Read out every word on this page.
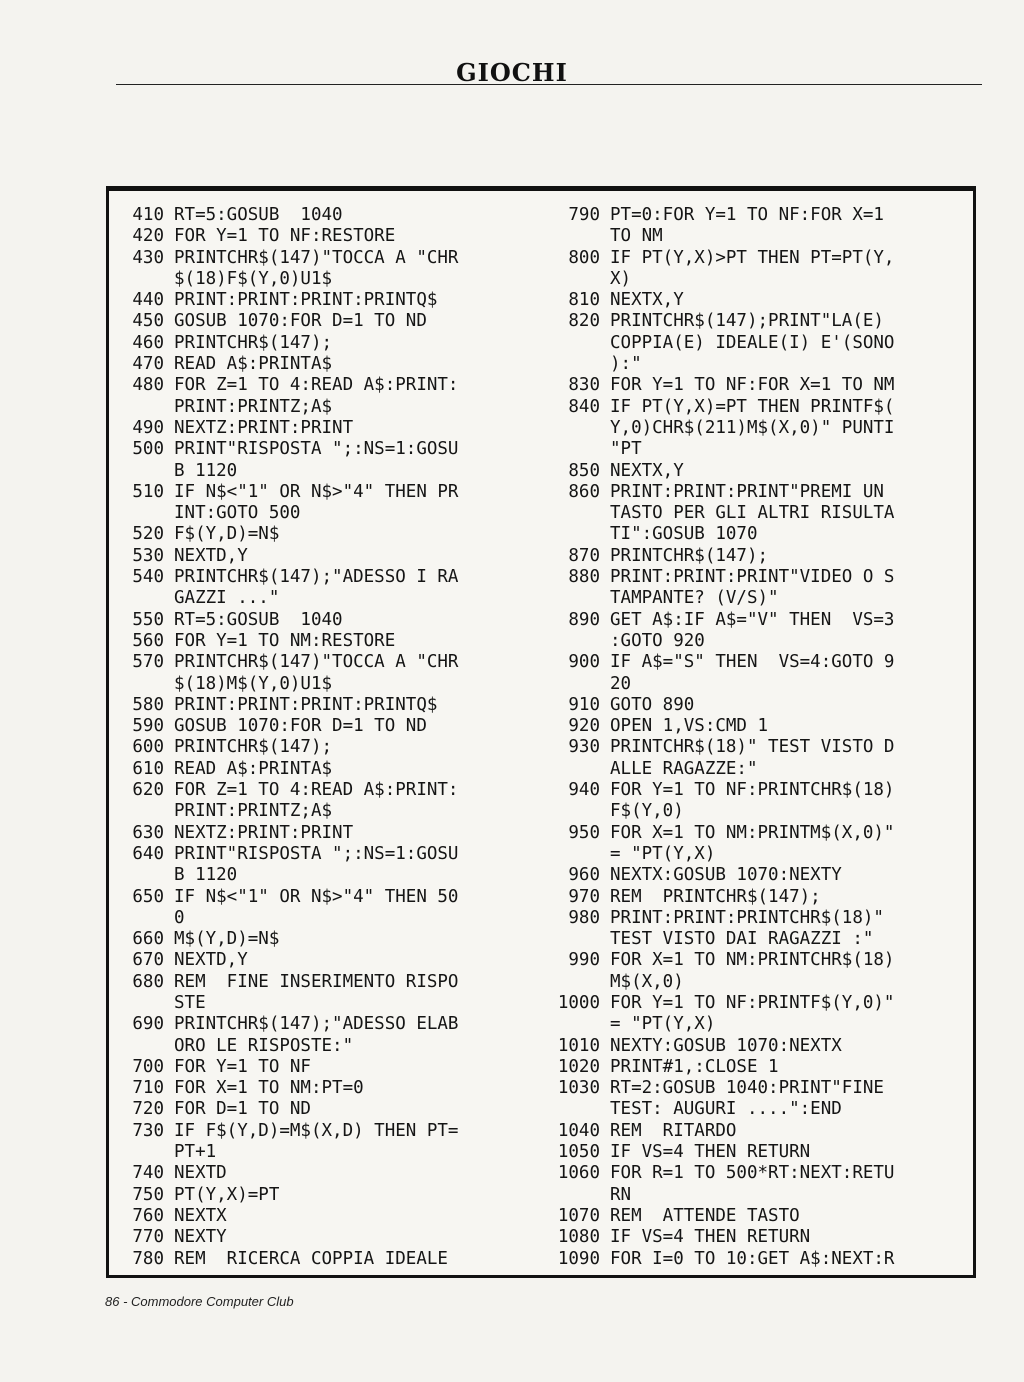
GIOCHI
410 RT=5:GOSUB  1040
420 FOR Y=1 TO NF:RESTORE
430 PRINTCHR$(147)"TOCCA A "CHR
$(18)F$(Y,0)U1$
440 PRINT:PRINT:PRINT:PRINTQ$
450 GOSUB 1070:FOR D=1 TO ND
460 PRINTCHR$(147);
470 READ A$:PRINTA$
480 FOR Z=1 TO 4:READ A$:PRINT:
PRINT:PRINTZ;A$
490 NEXTZ:PRINT:PRINT
500 PRINT"RISPOSTA ";:NS=1:GOSU
B 1120
510 IF N$<"1" OR N$>"4" THEN PR
INT:GOTO 500
520 F$(Y,D)=N$
530 NEXTD,Y
540 PRINTCHR$(147);"ADESSO I RA
GAZZI ..."
550 RT=5:GOSUB  1040
560 FOR Y=1 TO NM:RESTORE
570 PRINTCHR$(147)"TOCCA A "CHR
$(18)M$(Y,0)U1$
580 PRINT:PRINT:PRINT:PRINTQ$
590 GOSUB 1070:FOR D=1 TO ND
600 PRINTCHR$(147);
610 READ A$:PRINTA$
620 FOR Z=1 TO 4:READ A$:PRINT:
PRINT:PRINTZ;A$
630 NEXTZ:PRINT:PRINT
640 PRINT"RISPOSTA ";:NS=1:GOSU
B 1120
650 IF N$<"1" OR N$>"4" THEN 50
0
660 M$(Y,D)=N$
670 NEXTD,Y
680 REM  FINE INSERIMENTO RISPO
STE
690 PRINTCHR$(147);"ADESSO ELAB
ORO LE RISPOSTE:"
700 FOR Y=1 TO NF
710 FOR X=1 TO NM:PT=0
720 FOR D=1 TO ND
730 IF F$(Y,D)=M$(X,D) THEN PT=
PT+1
740 NEXTD
750 PT(Y,X)=PT
760 NEXTX
770 NEXTY
780 REM  RICERCA COPPIA IDEALE
790 PT=0:FOR Y=1 TO NF:FOR X=1
TO NM
800 IF PT(Y,X)>PT THEN PT=PT(Y,
X)
810 NEXTX,Y
820 PRINTCHR$(147);PRINT"LA(E)
COPPIA(E) IDEALE(I) E'(SONO
):"
830 FOR Y=1 TO NF:FOR X=1 TO NM
840 IF PT(Y,X)=PT THEN PRINTF$(
Y,0)CHR$(211)M$(X,0)" PUNTI
"PT
850 NEXTX,Y
860 PRINT:PRINT:PRINT"PREMI UN
TASTO PER GLI ALTRI RISULTA
TI":GOSUB 1070
870 PRINTCHR$(147);
880 PRINT:PRINT:PRINT"VIDEO O S
TAMPANTE? (V/S)"
890 GET A$:IF A$="V" THEN  VS=3
:GOTO 920
900 IF A$="S" THEN  VS=4:GOTO 9
20
910 GOTO 890
920 OPEN 1,VS:CMD 1
930 PRINTCHR$(18)" TEST VISTO D
ALLE RAGAZZE:"
940 FOR Y=1 TO NF:PRINTCHR$(18)
F$(Y,0)
950 FOR X=1 TO NM:PRINTM$(X,0)"
= "PT(Y,X)
960 NEXTX:GOSUB 1070:NEXTY
970 REM  PRINTCHR$(147);
980 PRINT:PRINT:PRINTCHR$(18)"
TEST VISTO DAI RAGAZZI :"
990 FOR X=1 TO NM:PRINTCHR$(18)
M$(X,0)
1000 FOR Y=1 TO NF:PRINTF$(Y,0)"
= "PT(Y,X)
1010 NEXTY:GOSUB 1070:NEXTX
1020 PRINT#1,:CLOSE 1
1030 RT=2:GOSUB 1040:PRINT"FINE
TEST: AUGURI ....":END
1040 REM  RITARDO
1050 IF VS=4 THEN RETURN
1060 FOR R=1 TO 500*RT:NEXT:RETU
RN
1070 REM  ATTENDE TASTO
1080 IF VS=4 THEN RETURN
1090 FOR I=0 TO 10:GET A$:NEXT:R
86 - Commodore Computer Club
